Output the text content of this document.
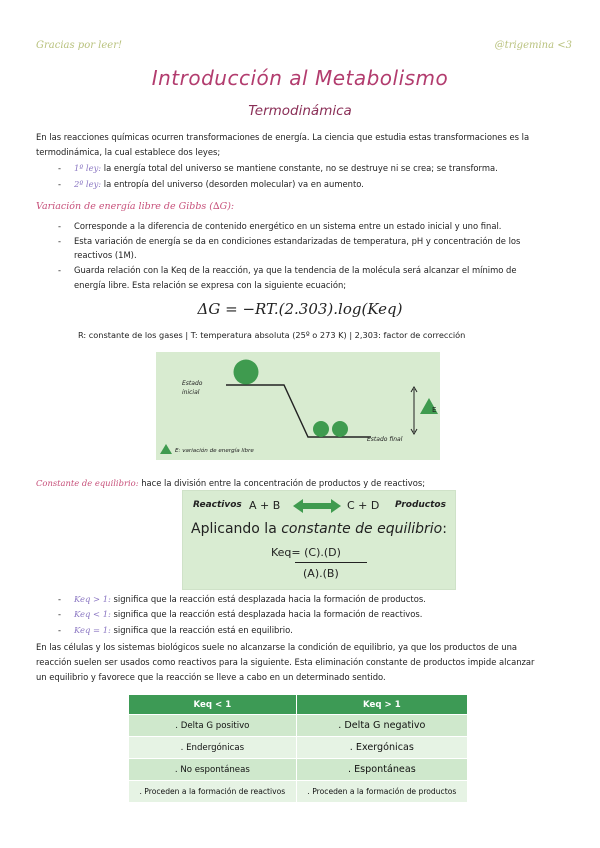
Gracias por leer!	@trigemina <3
Introducción al Metabolismo
Termodinámica
En las reacciones químicas ocurren transformaciones de energía. La ciencia que estudia estas transformaciones es la
termodinámica, la cual establece dos leyes;
- 1º ley: la energía total del universo se mantiene constante, no se destruye ni se crea; se transforma.
- 2º ley: la entropía del universo (desorden molecular) va en aumento.
Variación de energía libre de Gibbs (∆G):
- Corresponde a la diferencia de contenido energético en un sistema entre un estado inicial y uno final.
- Esta variación de energía se da en condiciones estandarizadas de temperatura, pH y concentración de los
reactivos (1M).
- Guarda relación con la Keq de la reacción, ya que la tendencia de la molécula será alcanzar el mínimo de
energía libre. Esta relación se expresa con la siguiente ecuación;
ΔG = −RT.(2.303).log(Keq)
R: constante de los gases | T: temperatura absoluta (25º o 273 K) | 2,303: factor de corrección
Estado
inicial
Estado final
E
E: variación de energía libre
Constante de equilibrio: hace la división entre la concentración de productos y de reactivos;
Reactivos A + B	C + D Productos
Aplicando la constante de equilibrio:
Keq= (C).(D)
(A).(B)
- Keq > 1: significa que la reacción está desplazada hacia la formación de productos.
- Keq < 1: significa que la reacción está desplazada hacia la formación de reactivos.
- Keq = 1: significa que la reacción está en equilibrio.
En las células y los sistemas biológicos suele no alcanzarse la condición de equilibrio, ya que los productos de una
reacción suelen ser usados como reactivos para la siguiente. Esta eliminación constante de productos impide alcanzar
un equilibrio y favorece que la reacción se lleve a cabo en un determinado sentido.
Keq < 1	Keq > 1
. Delta G positivo	. Delta G negativo
. Endergónicas	. Exergónicas
. No espontáneas	. Espontáneas
. Proceden a la formación de reactivos	. Proceden a la formación de productos
